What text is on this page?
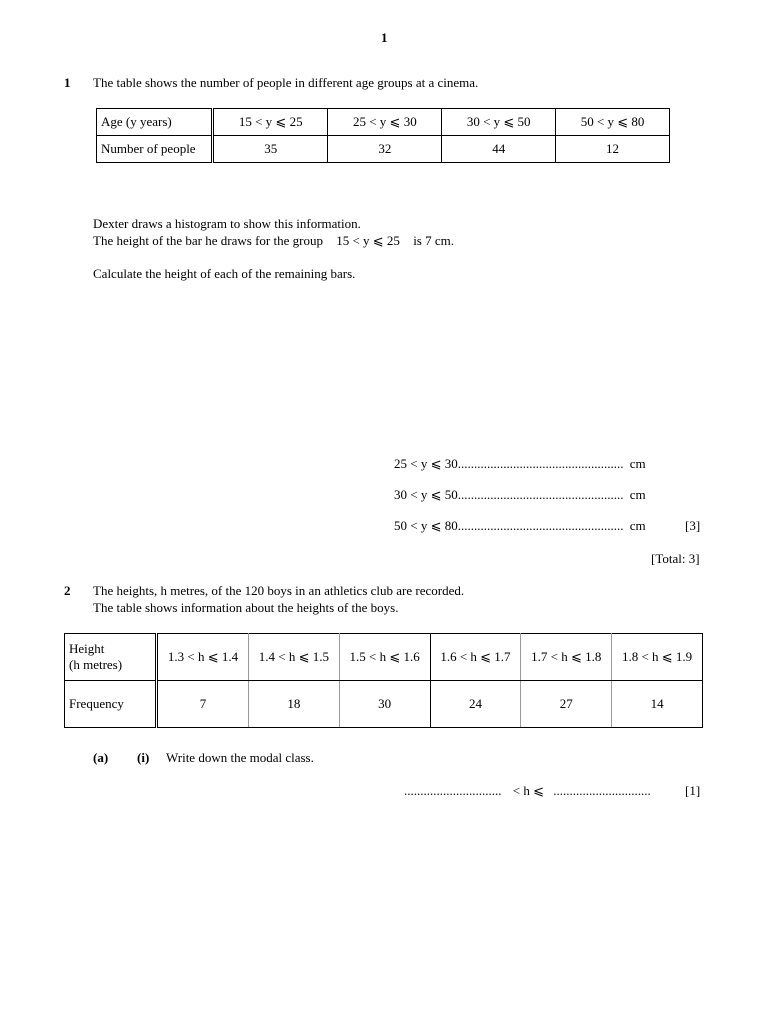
1
1 The table shows the number of people in different age groups at a cinema.
Age (y years)	15 < y ⩽ 25	25 < y ⩽ 30	30 < y ⩽ 50	50 < y ⩽ 80
Number of people	35	32	44	12
Dexter draws a histogram to show this information.
The height of the bar he draws for the group 15 < y ⩽ 25 is 7 cm.
Calculate the height of each of the remaining bars.
25 < y ⩽ 30................................................... cm
30 < y ⩽ 50................................................... cm
50 < y ⩽ 80................................................... cm	[3]
[Total: 3]
2 The heights, h metres, of the 120 boys in an athletics club are recorded.
The table shows information about the heights of the boys.
Height
(h metres)	1.3 < h ⩽ 1.4	1.4 < h ⩽ 1.5	1.5 < h ⩽ 1.6	1.6 < h ⩽ 1.7	1.7 < h ⩽ 1.8	1.8 < h ⩽ 1.9
Frequency	7	18	30	24	27	14
(a) (i) Write down the modal class.
.............................. < h ⩽ ..............................	[1]
